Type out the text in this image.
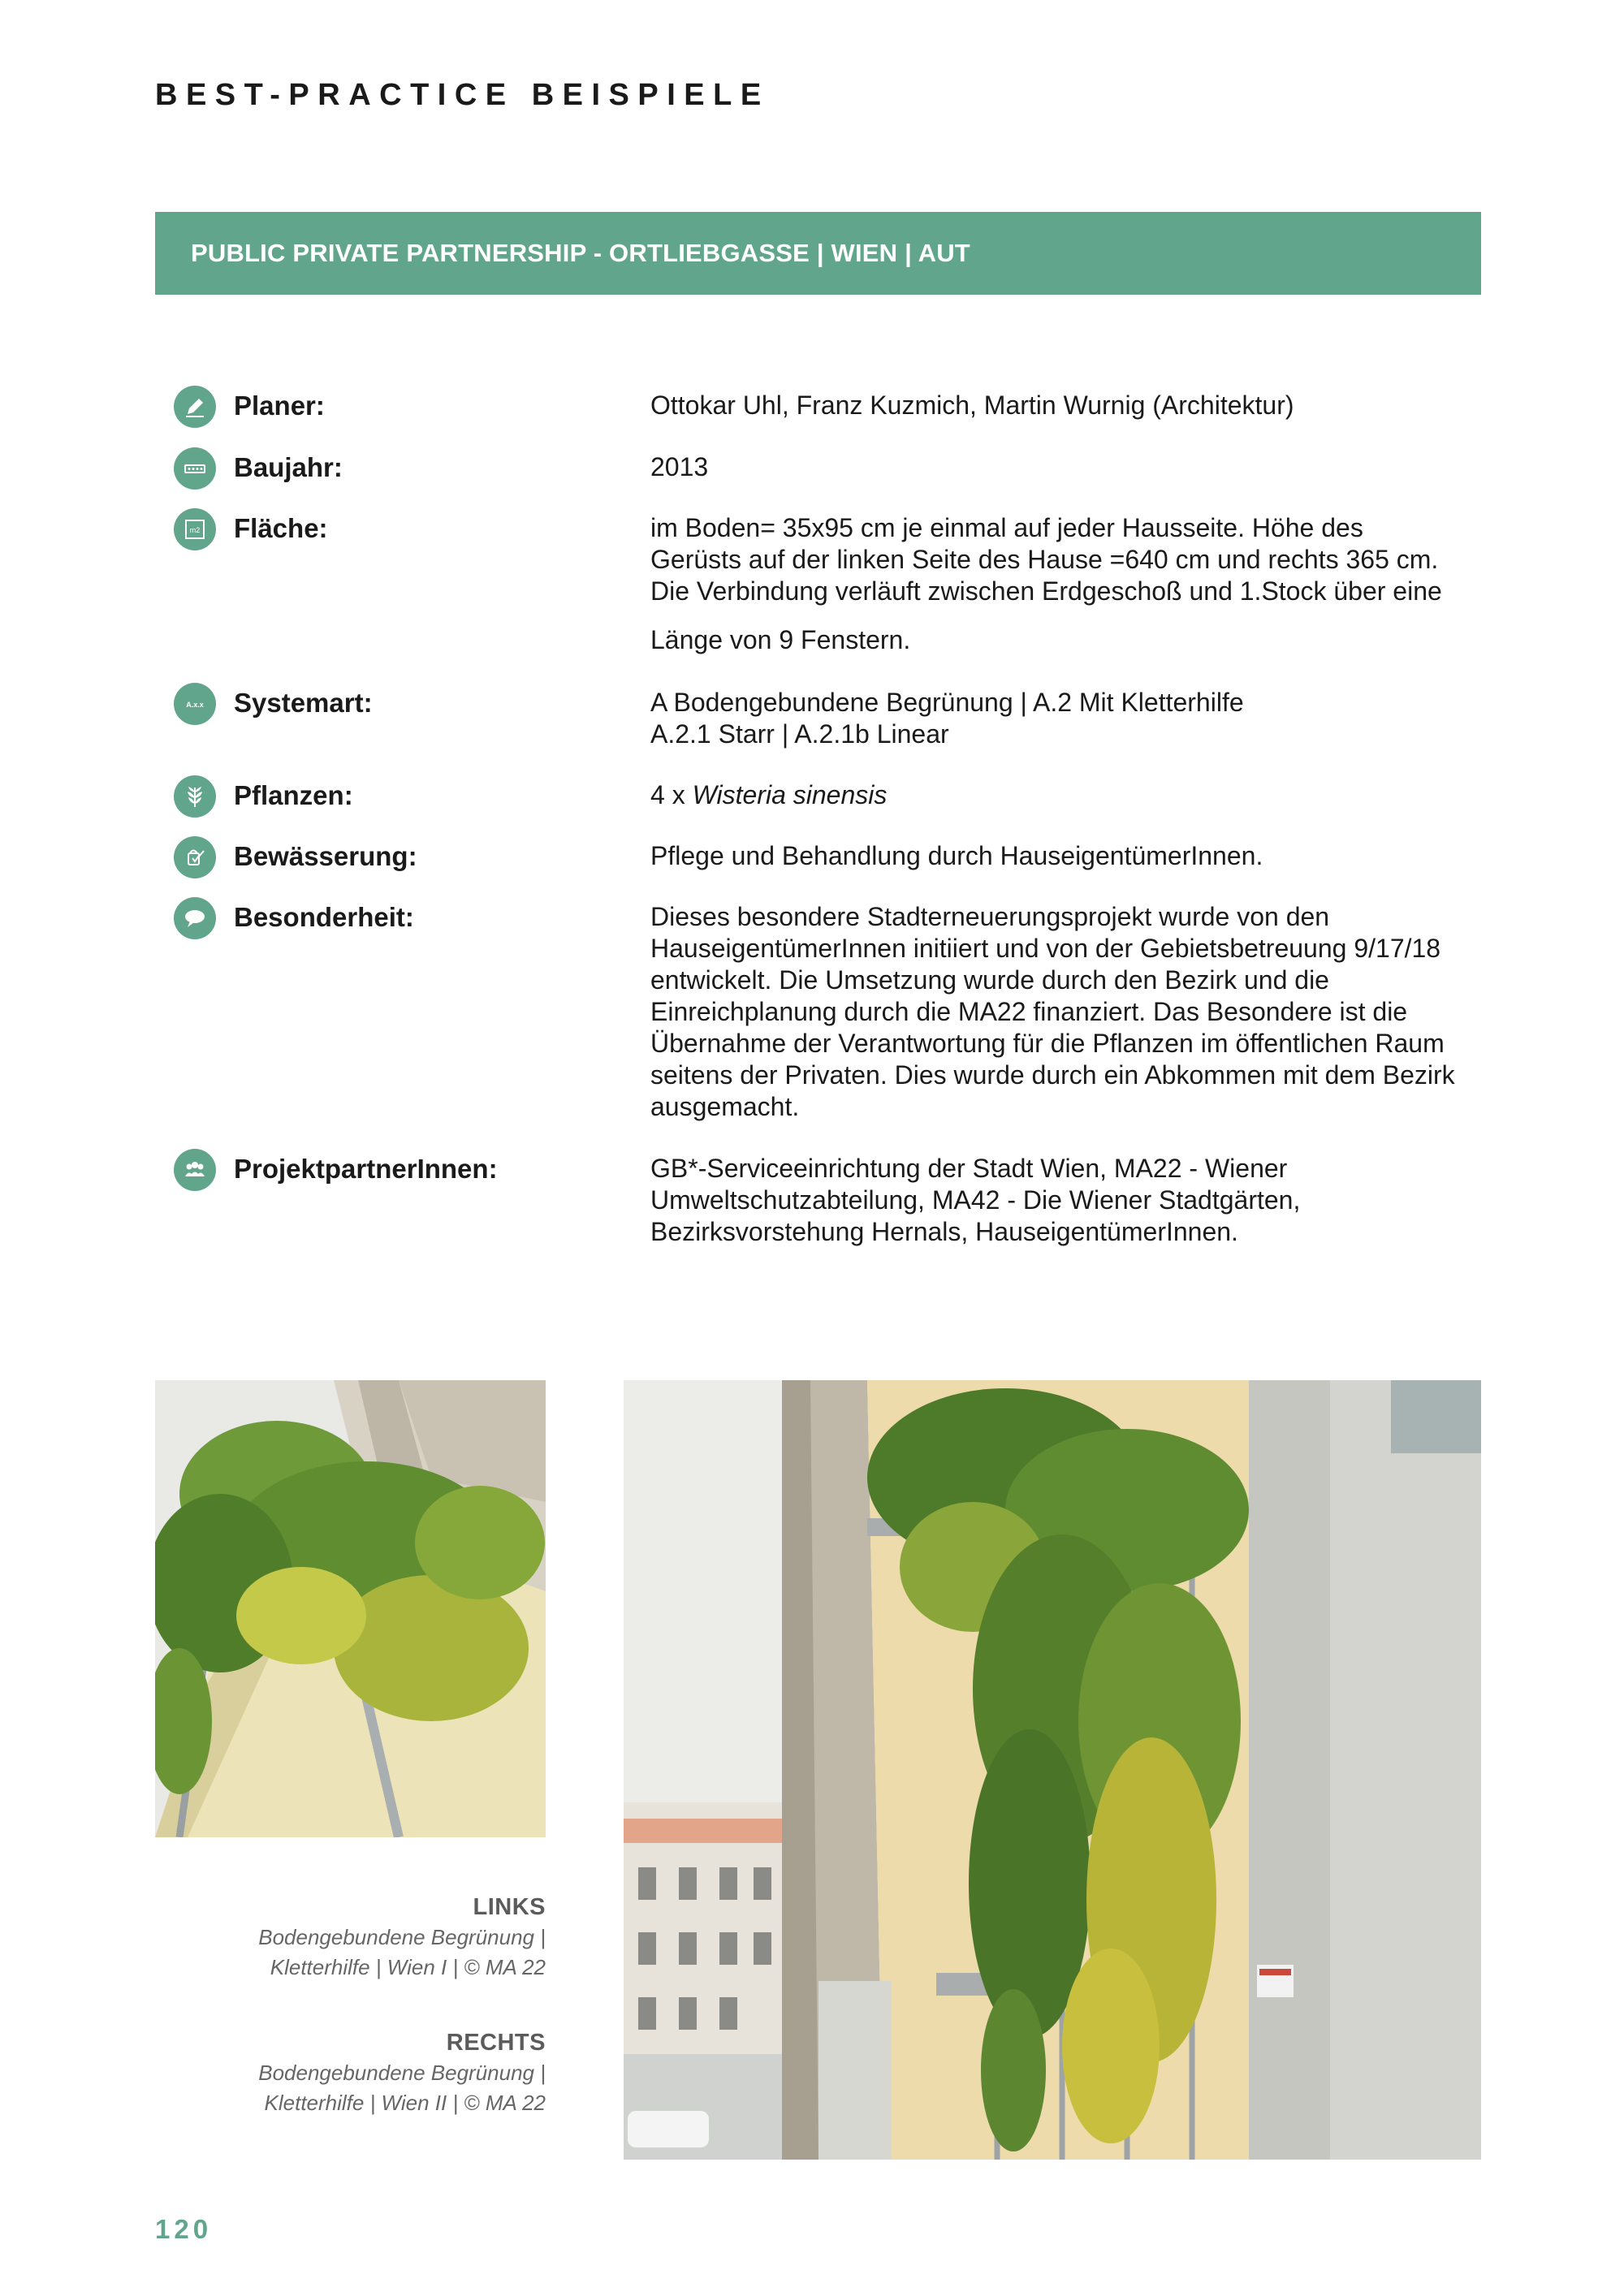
BEST-PRACTICE BEISPIELE
PUBLIC PRIVATE PARTNERSHIP - ORTLIEBGASSE | WIEN | AUT
Planer:	Ottokar Uhl, Franz Kuzmich, Martin Wurnig (Architektur)
Baujahr:	2013
m2 Fläche:	im Boden= 35x95 cm je einmal auf jeder Hausseite. Höhe des
Gerüsts auf der linken Seite des Hause =640 cm und rechts 365 cm.
Die Verbindung verläuft zwischen Erdgeschoß und 1.Stock über eine
Länge von 9 Fenstern.
A.x.x Systemart:	A Bodengebundene Begrünung | A.2 Mit Kletterhilfe
A.2.1 Starr | A.2.1b Linear
Pflanzen:	4 x Wisteria sinensis
Bewässerung:	Pflege und Behandlung durch HauseigentümerInnen.
Besonderheit:	Dieses besondere Stadterneuerungsprojekt wurde von den
HauseigentümerInnen initiiert und von der Gebietsbetreuung 9/17/18
entwickelt. Die Umsetzung wurde durch den Bezirk und die
Einreichplanung durch die MA22 finanziert. Das Besondere ist die
Übernahme der Verantwortung für die Pflanzen im öffentlichen Raum
seitens der Privaten. Dies wurde durch ein Abkommen mit dem Bezirk
ausgemacht.
ProjektpartnerInnen:	GB*-Serviceeinrichtung der Stadt Wien, MA22 - Wiener
Umweltschutzabteilung, MA42 - Die Wiener Stadtgärten,
Bezirksvorstehung Hernals, HauseigentümerInnen.
LINKS
Bodengebundene Begrünung |
Kletterhilfe | Wien I | © MA 22
RECHTS
Bodengebundene Begrünung |
Kletterhilfe | Wien II | © MA 22
120
